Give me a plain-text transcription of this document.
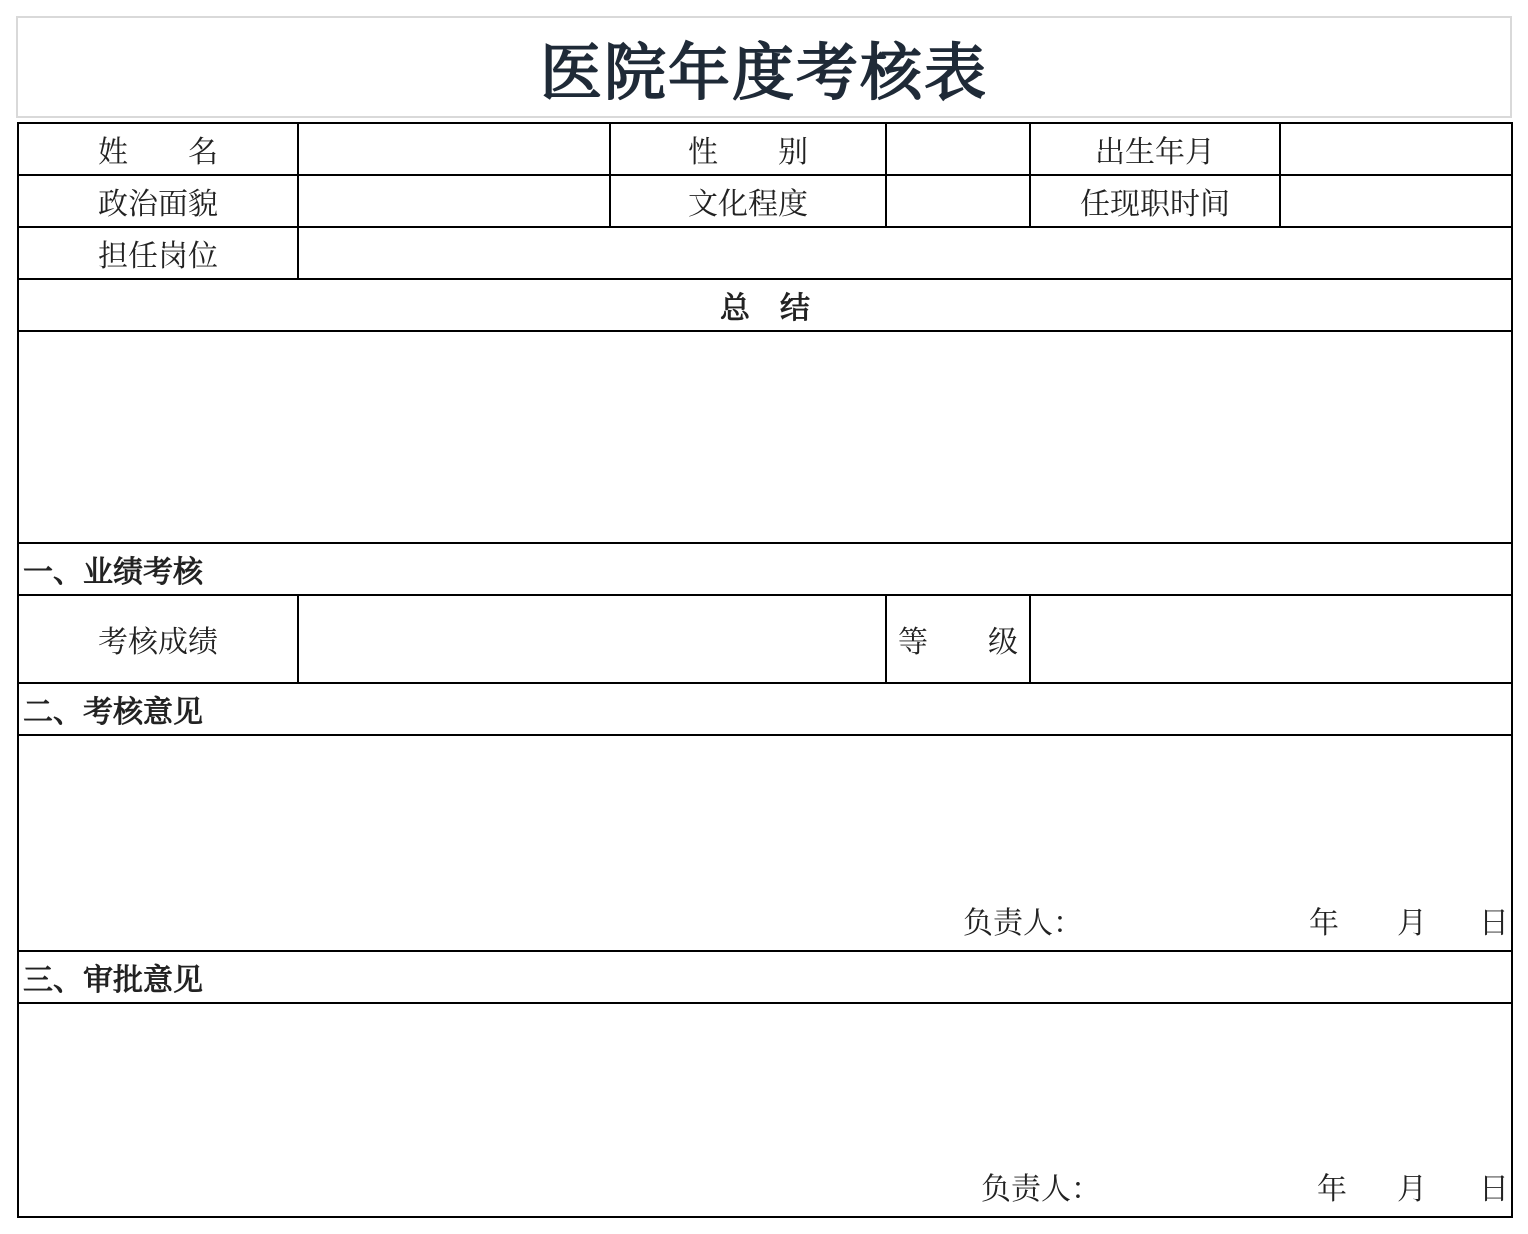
医院年度考核表
姓　　名		性　　别		出生年月	
政治面貌		文化程度		任现职时间	
担任岗位					
总　结					

一、业绩考核					
考核成绩			等　　级		
二、考核意见					

负责人： 年 月 日					

三、审批意见					

负责人： 年 月 日					
